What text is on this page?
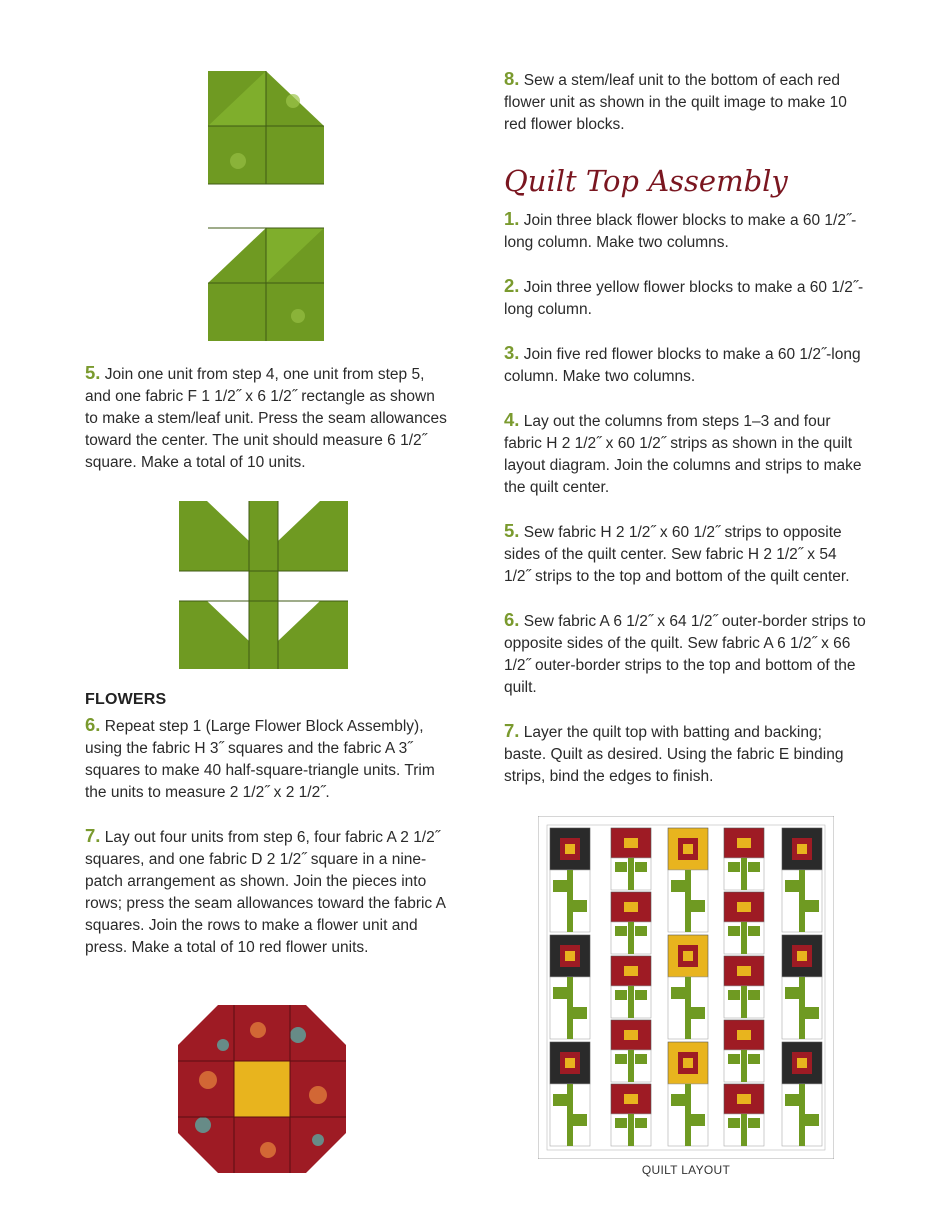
5. Join one unit from step 4, one unit from step 5, and one fabric F 1 1/2˝ x 6 1/2˝ rectangle as shown to make a stem/leaf unit. Press the seam allowances toward the center. The unit should measure 6 1/2˝ square. Make a total of 10 units.

FLOWERS

6. Repeat step 1 (Large Flower Block Assembly), using the fabric H 3˝ squares and the fabric A 3˝ squares to make 40 half-square-triangle units. Trim the units to measure 2 1/2˝ x 2 1/2˝.

7. Lay out four units from step 6, four fabric A 2 1/2˝ squares, and one fabric D 2 1/2˝ square in a nine-patch arrangement as shown. Join the pieces into rows; press the seam allowances toward the fabric A squares. Join the rows to make a flower unit and press. Make a total of 10 red flower units.

8. Sew a stem/leaf unit to the bottom of each red flower unit as shown in the quilt image to make 10 red flower blocks.

Quilt Top Assembly

1. Join three black flower blocks to make a 60 1/2˝-long column. Make two columns.

2. Join three yellow flower blocks to make a 60 1/2˝-long column.

3. Join five red flower blocks to make a 60 1/2˝-long column. Make two columns.

4. Lay out the columns from steps 1–3 and four fabric H 2 1/2˝ x 60 1/2˝ strips as shown in the quilt layout diagram. Join the columns and strips to make the quilt center.

5. Sew fabric H 2 1/2˝ x 60 1/2˝ strips to opposite sides of the quilt center. Sew fabric H 2 1/2˝ x 54 1/2˝ strips to the top and bottom of the quilt center.

6. Sew fabric A 6 1/2˝ x 64 1/2˝ outer-border strips to opposite sides of the quilt. Sew fabric A 6 1/2˝ x 66 1/2˝ outer-border strips to the top and bottom of the quilt.

7. Layer the quilt top with batting and backing; baste. Quilt as desired. Using the fabric E binding strips, bind the edges to finish.

QUILT LAYOUT
